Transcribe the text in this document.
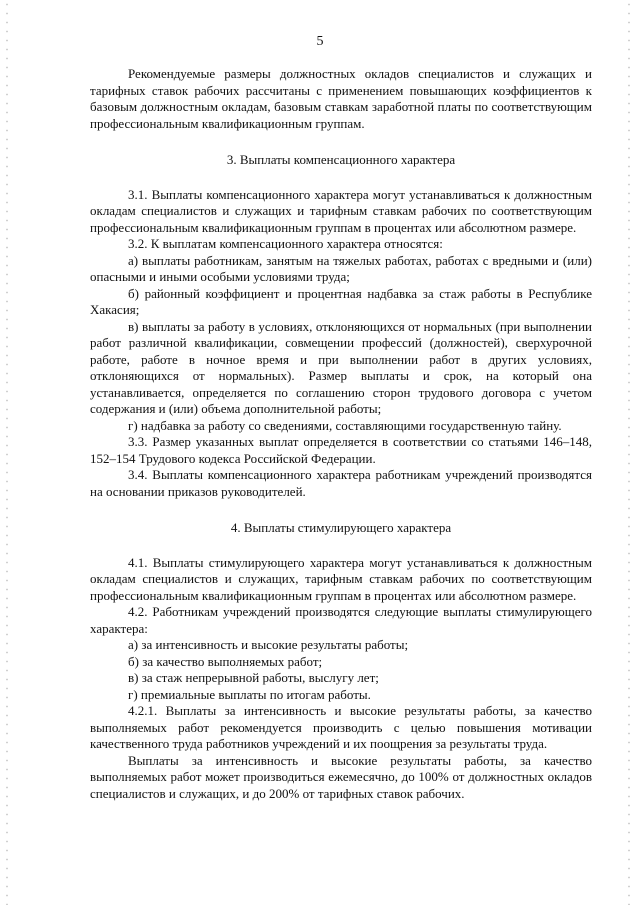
5

Рекомендуемые размеры должностных окладов специалистов и служащих и тарифных ставок рабочих рассчитаны с применением повышающих коэффициентов к базовым должностным окладам, базовым ставкам заработной платы по соответствующим профессиональным квалификационным группам.

3. Выплаты компенсационного характера

3.1. Выплаты компенсационного характера могут устанавливаться к должностным окладам специалистов и служащих и тарифным ставкам рабочих по соответствующим профессиональным квалификационным группам в процентах или абсолютном размере.

3.2. К выплатам компенсационного характера относятся:

а) выплаты работникам, занятым на тяжелых работах, работах с вредными и (или) опасными и иными особыми условиями труда;

б) районный коэффициент и процентная надбавка за стаж работы в Республике Хакасия;

в) выплаты за работу в условиях, отклоняющихся от нормальных (при выполнении работ различной квалификации, совмещении профессий (должностей), сверхурочной работе, работе в ночное время и при выполнении работ в других условиях, отклоняющихся от нормальных). Размер выплаты и срок, на который она устанавливается, определяется по соглашению сторон трудового договора с учетом содержания и (или) объема дополнительной работы;

г) надбавка за работу со сведениями, составляющими государственную тайну.

3.3. Размер указанных выплат определяется в соответствии со статьями 146–148, 152–154 Трудового кодекса Российской Федерации.

3.4. Выплаты компенсационного характера работникам учреждений производятся на основании приказов руководителей.

4. Выплаты стимулирующего характера

4.1. Выплаты стимулирующего характера могут устанавливаться к должностным окладам специалистов и служащих, тарифным ставкам рабочих по соответствующим профессиональным квалификационным группам в процентах или абсолютном размере.

4.2. Работникам учреждений производятся следующие выплаты стимулирующего характера:

а) за интенсивность и высокие результаты работы;

б) за качество выполняемых работ;

в) за стаж непрерывной работы, выслугу лет;

г) премиальные выплаты по итогам работы.

4.2.1. Выплаты за интенсивность и высокие результаты работы, за качество выполняемых работ рекомендуется производить с целью повышения мотивации качественного труда работников учреждений и их поощрения за результаты труда.

Выплаты за интенсивность и высокие результаты работы, за качество выполняемых работ может производиться ежемесячно, до 100% от должностных окладов специалистов и служащих, и до 200% от тарифных ставок рабочих.
